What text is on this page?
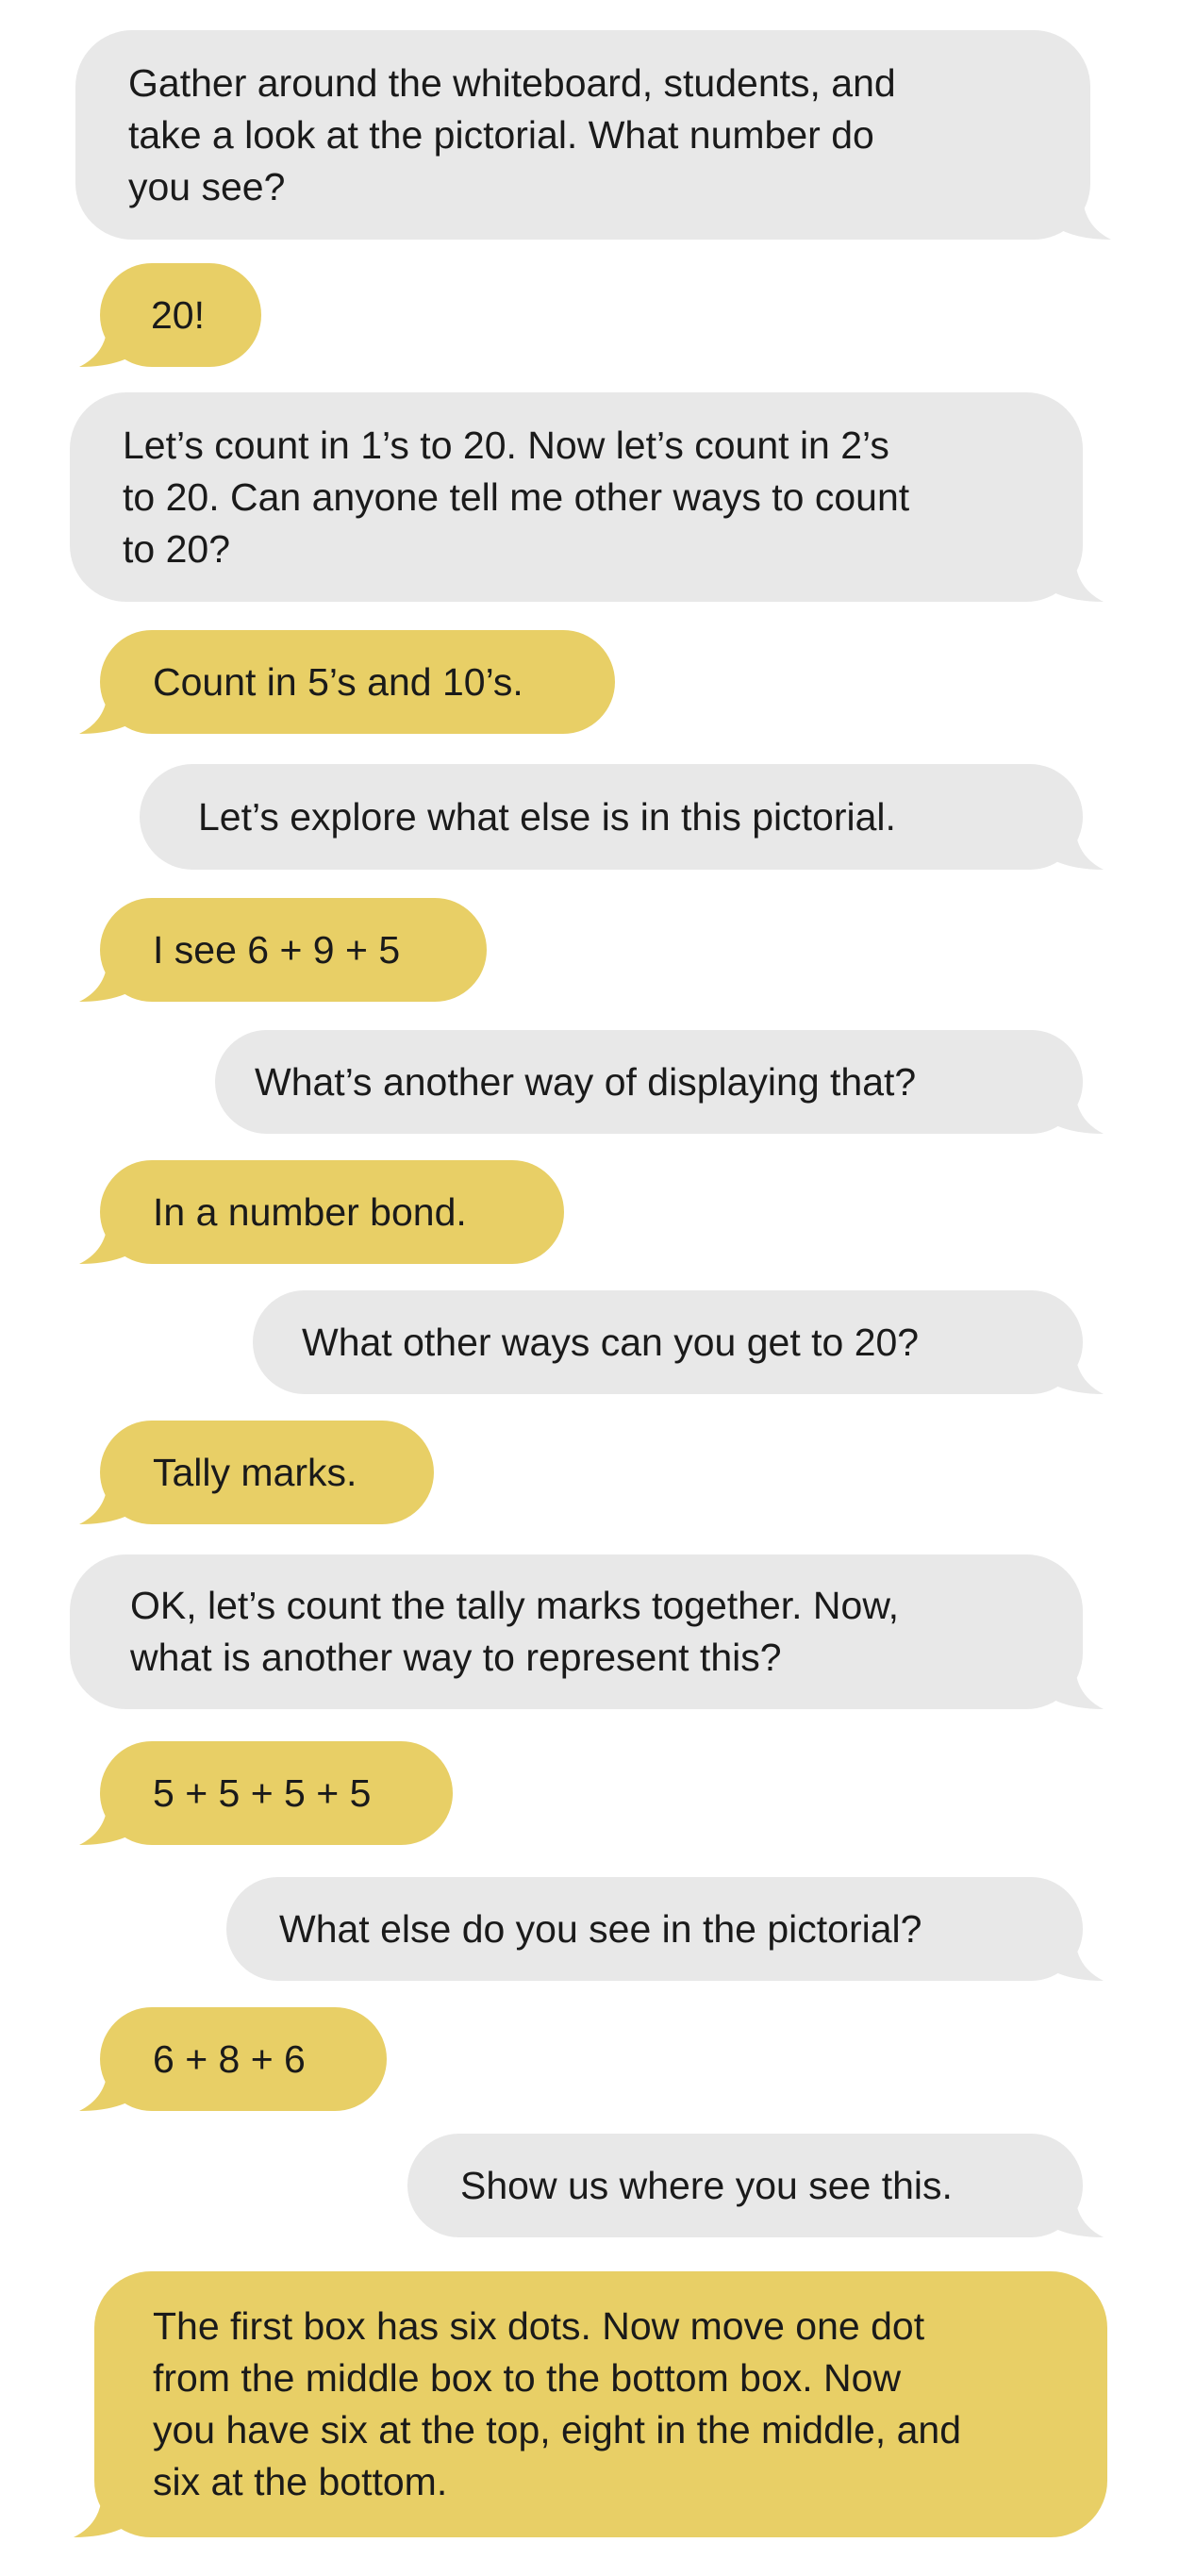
Gather around the whiteboard, students, and
take a look at the pictorial. What number do
you see?
20!
Let’s count in 1’s to 20. Now let’s count in 2’s
to 20. Can anyone tell me other ways to count
to 20?
Count in 5’s and 10’s.
Let’s explore what else is in this pictorial.
I see 6 + 9 + 5
What’s another way of displaying that?
In a number bond.
What other ways can you get to 20?
Tally marks.
OK, let’s count the tally marks together. Now,
what is another way to represent this?
5 + 5 + 5 + 5
What else do you see in the pictorial?
6 + 8 + 6
Show us where you see this.
The first box has six dots. Now move one dot
from the middle box to the bottom box. Now
you have six at the top, eight in the middle, and
six at the bottom.
